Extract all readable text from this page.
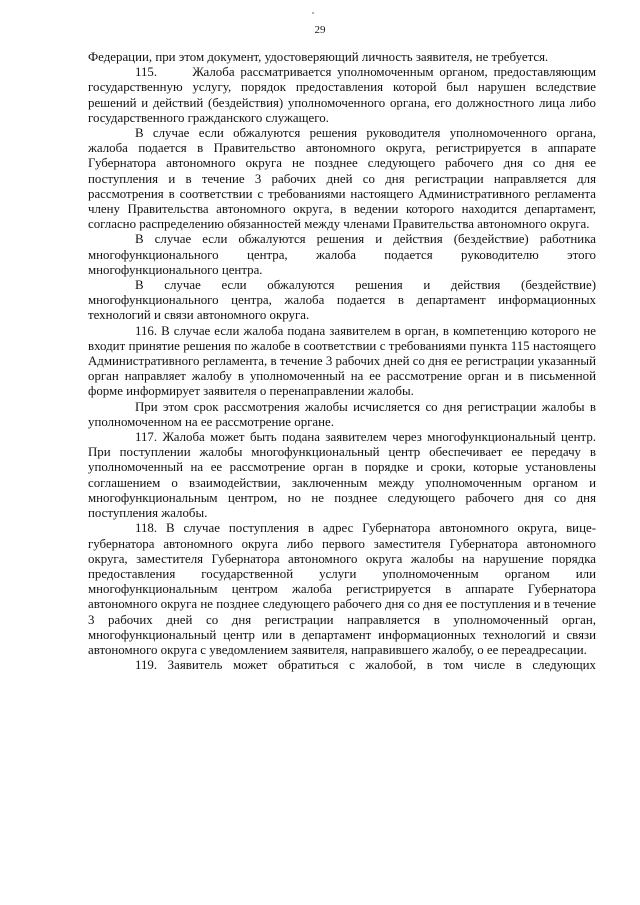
29

Федерации, при этом документ, удостоверяющий личность заявителя, не требуется.

115.      Жалоба рассматривается уполномоченным органом, предоставляющим государственную услугу, порядок предоставления которой был нарушен вследствие решений и действий (бездействия) уполномоченного органа, его должностного лица либо государственного гражданского служащего.

В случае если обжалуются решения руководителя уполномоченного органа, жалоба подается в Правительство автономного округа, регистрируется в аппарате Губернатора автономного округа не позднее следующего рабочего дня со дня ее поступления и в течение 3 рабочих дней со дня регистрации направляется для рассмотрения в соответствии с требованиями настоящего Административного регламента члену Правительства автономного округа, в ведении которого находится департамент, согласно распределению обязанностей между членами Правительства автономного округа.

В случае если обжалуются решения и действия (бездействие) работника многофункционального центра, жалоба подается руководителю этого многофункционального центра.

В случае если обжалуются решения и действия (бездействие) многофункционального центра, жалоба подается в департамент информационных технологий и связи автономного округа.

116. В случае если жалоба подана заявителем в орган, в компетенцию которого не входит принятие решения по жалобе в соответствии с требованиями пункта 115 настоящего Административного регламента, в течение 3 рабочих дней со дня ее регистрации указанный орган направляет жалобу в уполномоченный на ее рассмотрение орган и в письменной форме информирует заявителя о перенаправлении жалобы.

При этом срок рассмотрения жалобы исчисляется со дня регистрации жалобы в уполномоченном на ее рассмотрение органе.

117. Жалоба может быть подана заявителем через многофункциональный центр. При поступлении жалобы многофункциональный центр обеспечивает ее передачу в уполномоченный на ее рассмотрение орган в порядке и сроки, которые установлены соглашением о взаимодействии, заключенным между уполномоченным органом и многофункциональным центром, но не позднее следующего рабочего дня со дня поступления жалобы.

118. В случае поступления в адрес Губернатора автономного округа, вице-губернатора автономного округа либо первого заместителя Губернатора автономного округа, заместителя Губернатора автономного округа жалобы на нарушение порядка предоставления государственной услуги уполномоченным органом или многофункциональным центром жалоба регистрируется в аппарате Губернатора автономного округа не позднее следующего рабочего дня со дня ее поступления и в течение 3 рабочих дней со дня регистрации направляется в уполномоченный орган, многофункциональный центр или в департамент информационных технологий и связи автономного округа с уведомлением заявителя, направившего жалобу, о ее переадресации.

119. Заявитель может обратиться с жалобой, в том числе в следующих
